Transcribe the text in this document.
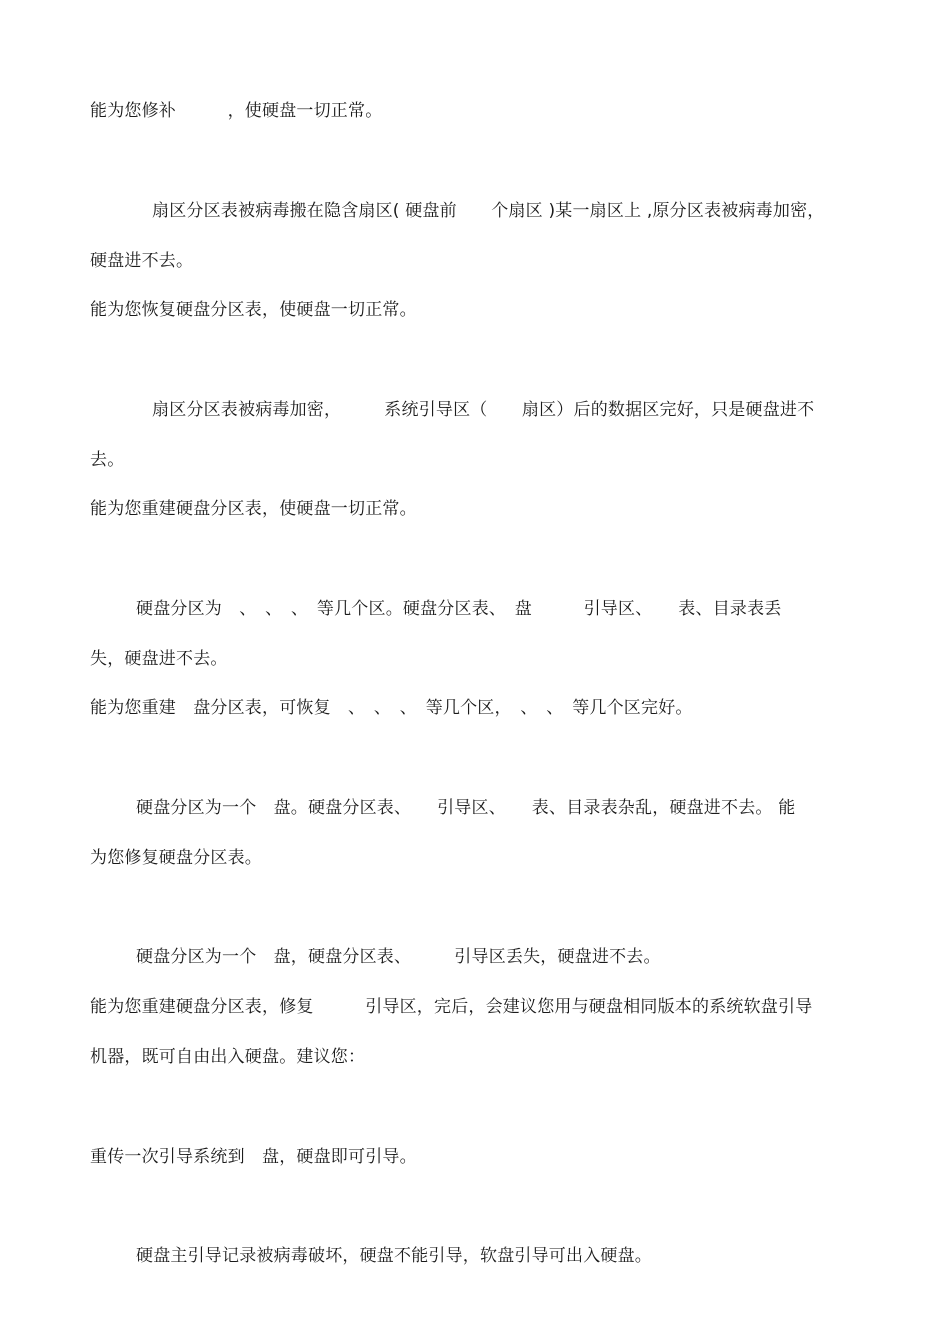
能为您修补　　　，使硬盘一切正常。
扇区分区表被病毒搬在隐含扇区( 硬盘前　　个扇区 )某一扇区上 ,原分区表被病毒加密，
硬盘进不去。
能为您恢复硬盘分区表，使硬盘一切正常。
扇区分区表被病毒加密，　　　系统引导区（　　扇区）后的数据区完好，只是硬盘进不
去。
能为您重建硬盘分区表，使硬盘一切正常。
硬盘分区为　、　、　、　等几个区。硬盘分区表、　盘　　　引导区、　　表、目录表丢
失，硬盘进不去。
能为您重建　盘分区表，可恢复　、　、　、　等几个区，　、　、　等几个区完好。
硬盘分区为一个　盘。硬盘分区表、　　引导区、　　表、目录表杂乱，硬盘进不去。 能
为您修复硬盘分区表。
硬盘分区为一个　盘，硬盘分区表、　　　引导区丢失，硬盘进不去。
能为您重建硬盘分区表，修复　　　引导区，完后，会建议您用与硬盘相同版本的系统软盘引导
机器，既可自由出入硬盘。建议您：
重传一次引导系统到　盘，硬盘即可引导。
硬盘主引导记录被病毒破坏，硬盘不能引导，软盘引导可出入硬盘。
